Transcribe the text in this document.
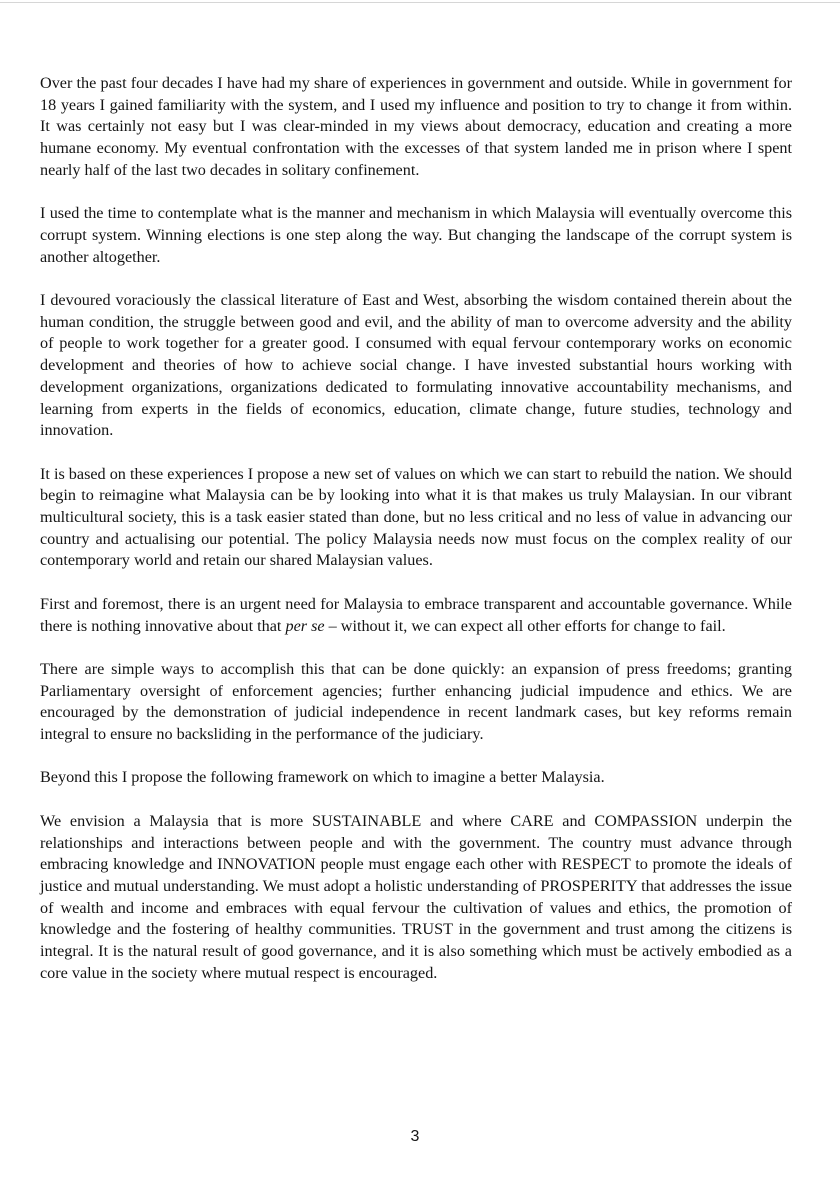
Over the past four decades I have had my share of experiences in government and outside. While in government for 18 years I gained familiarity with the system, and I used my influence and position to try to change it from within. It was certainly not easy but I was clear-minded in my views about democracy, education and creating a more humane economy. My eventual confrontation with the excesses of that system landed me in prison where I spent nearly half of the last two decades in solitary confinement.

I used the time to contemplate what is the manner and mechanism in which Malaysia will eventually overcome this corrupt system. Winning elections is one step along the way. But changing the landscape of the corrupt system is another altogether.

I devoured voraciously the classical literature of East and West, absorbing the wisdom contained therein about the human condition, the struggle between good and evil, and the ability of man to overcome adversity and the ability of people to work together for a greater good. I consumed with equal fervour contemporary works on economic development and theories of how to achieve social change. I have invested substantial hours working with development organizations, organizations dedicated to formulating innovative accountability mechanisms, and learning from experts in the fields of economics, education, climate change, future studies, technology and innovation.

It is based on these experiences I propose a new set of values on which we can start to rebuild the nation. We should begin to reimagine what Malaysia can be by looking into what it is that makes us truly Malaysian. In our vibrant multicultural society, this is a task easier stated than done, but no less critical and no less of value in advancing our country and actualising our potential. The policy Malaysia needs now must focus on the complex reality of our contemporary world and retain our shared Malaysian values.

First and foremost, there is an urgent need for Malaysia to embrace transparent and accountable governance. While there is nothing innovative about that per se – without it, we can expect all other efforts for change to fail.

There are simple ways to accomplish this that can be done quickly: an expansion of press freedoms; granting Parliamentary oversight of enforcement agencies; further enhancing judicial impudence and ethics. We are encouraged by the demonstration of judicial independence in recent landmark cases, but key reforms remain integral to ensure no backsliding in the performance of the judiciary.

Beyond this I propose the following framework on which to imagine a better Malaysia.

We envision a Malaysia that is more SUSTAINABLE and where CARE and COMPASSION underpin the relationships and interactions between people and with the government. The country must advance through embracing knowledge and INNOVATION people must engage each other with RESPECT to promote the ideals of justice and mutual understanding. We must adopt a holistic understanding of PROSPERITY that addresses the issue of wealth and income and embraces with equal fervour the cultivation of values and ethics, the promotion of knowledge and the fostering of healthy communities. TRUST in the government and trust among the citizens is integral. It is the natural result of good governance, and it is also something which must be actively embodied as a core value in the society where mutual respect is encouraged.

3
